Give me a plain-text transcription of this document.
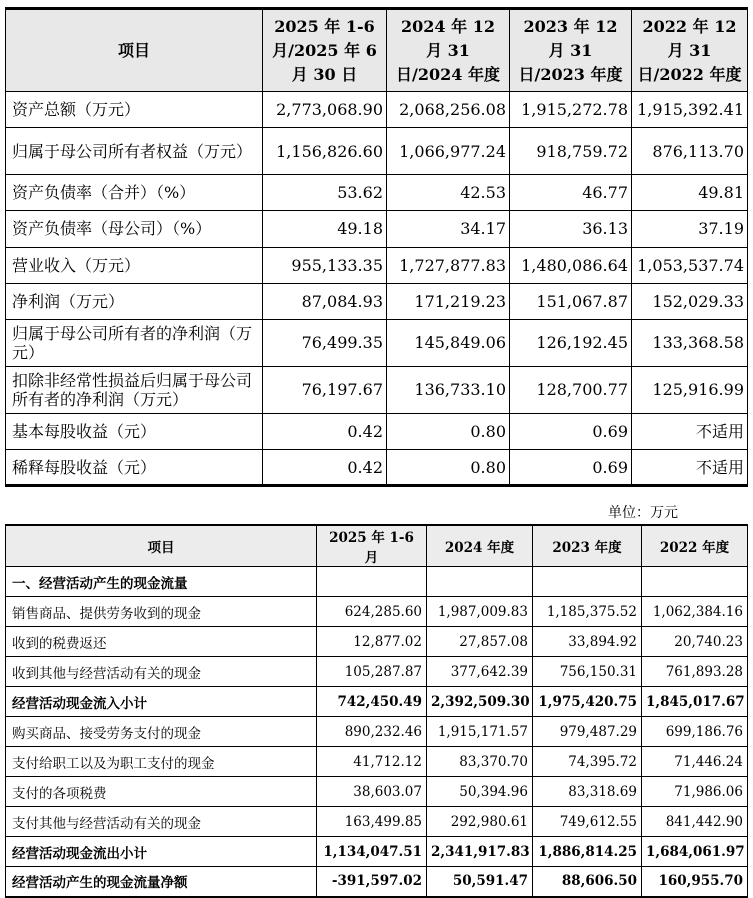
项目	2025 年 1-6 月/2025 年 6 月 30 日	2024 年 12 月 31 日/2024 年度	2023 年 12 月 31 日/2023 年度	2022 年 12 月 31 日/2022 年度
资产总额（万元）	2,773,068.90	2,068,256.08	1,915,272.78	1,915,392.41
归属于母公司所有者权益（万元）	1,156,826.60	1,066,977.24	918,759.72	876,113.70
资产负债率（合并）（%）	53.62	42.53	46.77	49.81
资产负债率（母公司）（%）	49.18	34.17	36.13	37.19
营业收入（万元）	955,133.35	1,727,877.83	1,480,086.64	1,053,537.74
净利润（万元）	87,084.93	171,219.23	151,067.87	152,029.33
归属于母公司所有者的净利润（万元）	76,499.35	145,849.06	126,192.45	133,368.58
扣除非经常性损益后归属于母公司所有者的净利润（万元）	76,197.67	136,733.10	128,700.77	125,916.99
基本每股收益（元）	0.42	0.80	0.69	不适用
稀释每股收益（元）	0.42	0.80	0.69	不适用
单位：万元
项目	2025 年 1-6 月	2024 年度	2023 年度	2022 年度
一、经营活动产生的现金流量				
销售商品、提供劳务收到的现金	624,285.60	1,987,009.83	1,185,375.52	1,062,384.16
收到的税费返还	12,877.02	27,857.08	33,894.92	20,740.23
收到其他与经营活动有关的现金	105,287.87	377,642.39	756,150.31	761,893.28
经营活动现金流入小计	742,450.49	2,392,509.30	1,975,420.75	1,845,017.67
购买商品、接受劳务支付的现金	890,232.46	1,915,171.57	979,487.29	699,186.76
支付给职工以及为职工支付的现金	41,712.12	83,370.70	74,395.72	71,446.24
支付的各项税费	38,603.07	50,394.96	83,318.69	71,986.06
支付其他与经营活动有关的现金	163,499.85	292,980.61	749,612.55	841,442.90
经营活动现金流出小计	1,134,047.51	2,341,917.83	1,886,814.25	1,684,061.97
经营活动产生的现金流量净额	-391,597.02	50,591.47	88,606.50	160,955.70
